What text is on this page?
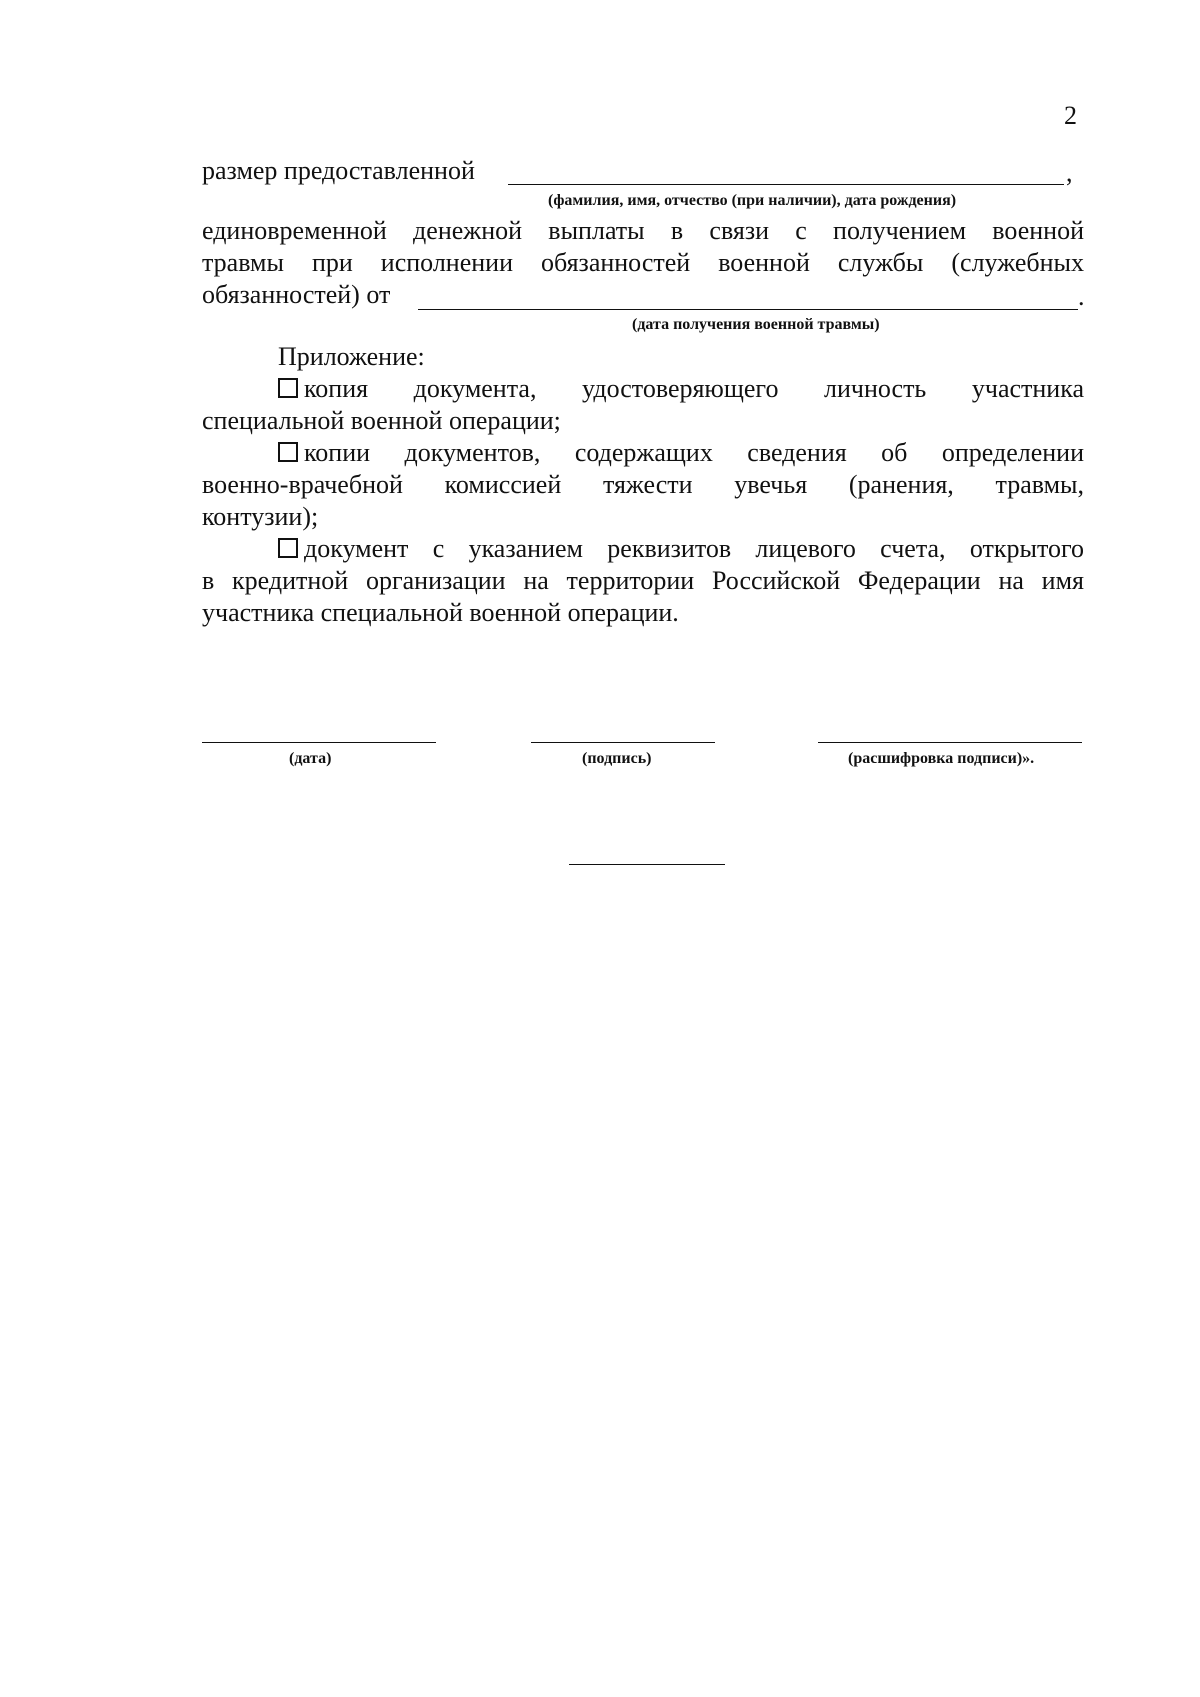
2
размер предоставленной	,
(фамилия, имя, отчество (при наличии), дата рождения)
единовременной денежной выплаты в связи с получением военной
травмы при исполнении обязанностей военной службы (служебных
обязанностей) от	.
(дата получения военной травмы)
Приложение:
копия документа, удостоверяющего личность участника
специальной военной операции;
копии документов, содержащих сведения об определении
военно-врачебной комиссией тяжести увечья (ранения, травмы,
контузии);
документ с указанием реквизитов лицевого счета, открытого
в кредитной организации на территории Российской Федерации на имя
участника специальной военной операции.
(дата)	(подпись)	(расшифровка подписи)».
